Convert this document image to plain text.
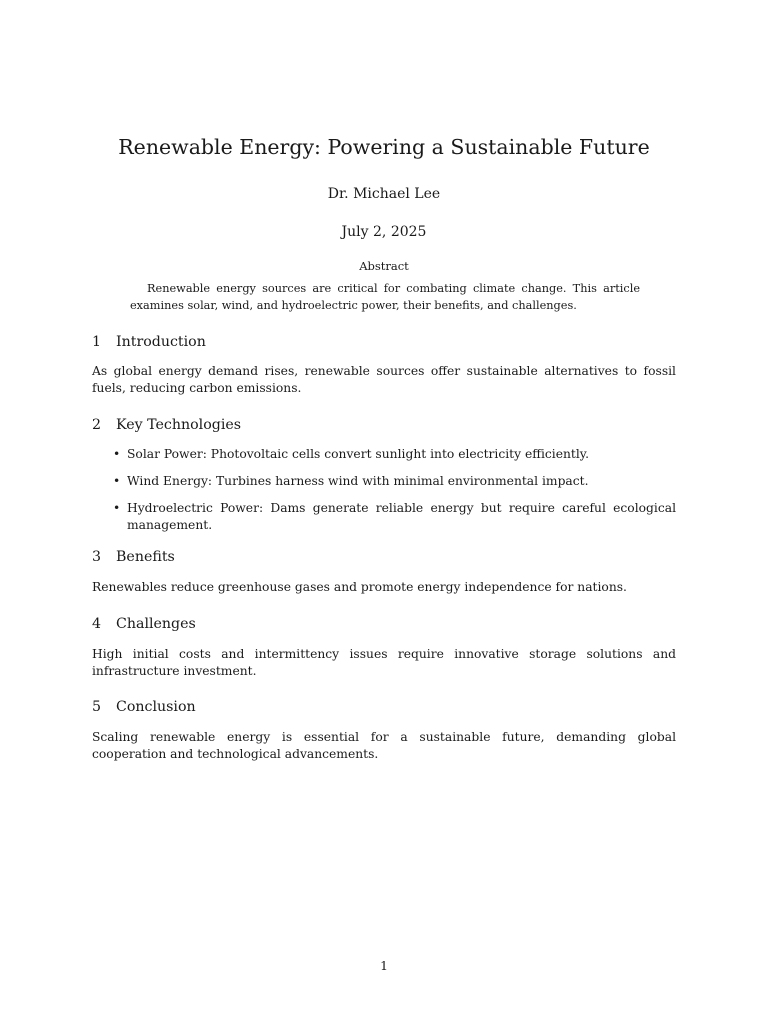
Renewable Energy: Powering a Sustainable Future
Dr. Michael Lee
July 2, 2025
Abstract
Renewable energy sources are critical for combating climate change. This article examines solar, wind, and hydroelectric power, their benefits, and challenges.
1 Introduction
As global energy demand rises, renewable sources offer sustainable alternatives to fossil fuels, reducing carbon emissions.
2 Key Technologies
• Solar Power: Photovoltaic cells convert sunlight into electricity efficiently.
• Wind Energy: Turbines harness wind with minimal environmental impact.
• Hydroelectric Power: Dams generate reliable energy but require careful ecological management.
3 Benefits
Renewables reduce greenhouse gases and promote energy independence for nations.
4 Challenges
High initial costs and intermittency issues require innovative storage solutions and infrastructure investment.
5 Conclusion
Scaling renewable energy is essential for a sustainable future, demanding global cooperation and technological advancements.
1
